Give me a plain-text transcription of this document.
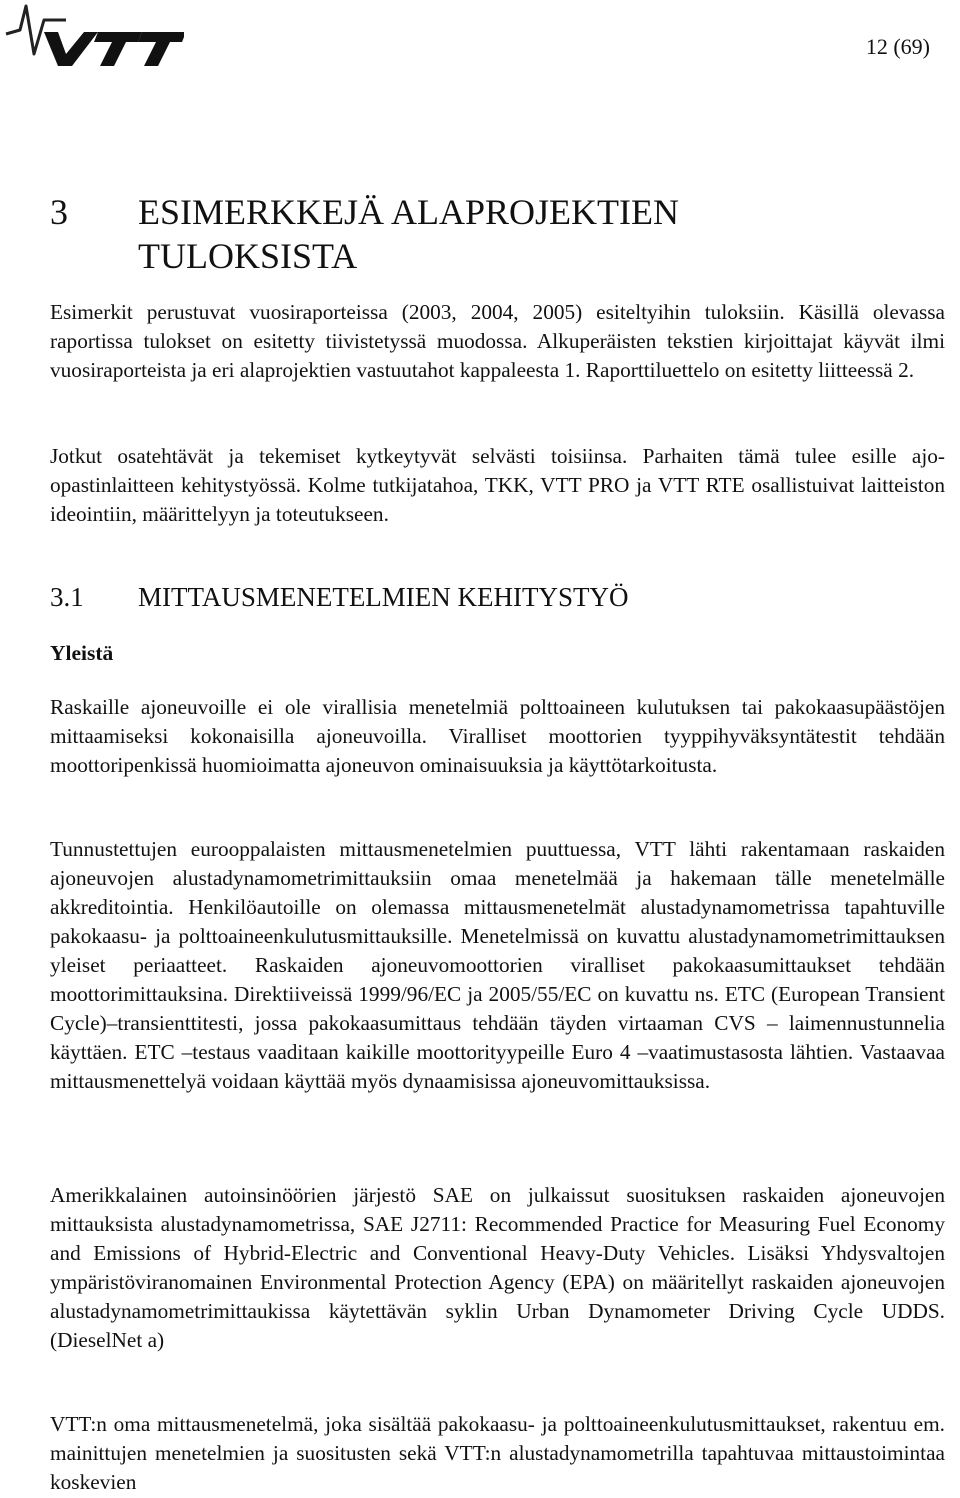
12 (69)
3 ESIMERKKEJÄ ALAPROJEKTIEN TULOKSISTA

Esimerkit perustuvat vuosiraporteissa (2003, 2004, 2005) esiteltyihin tuloksiin. Käsillä olevassa raportissa tulokset on esitetty tiivistetyssä muodossa. Alkuperäisten tekstien kirjoittajat käyvät ilmi vuosiraporteista ja eri alaprojektien vastuutahot kappaleesta 1. Raporttiluettelo on esitetty liitteessä 2.

Jotkut osatehtävät ja tekemiset kytkeytyvät selvästi toisiinsa. Parhaiten tämä tulee esille ajo-opastinlaitteen kehitystyössä. Kolme tutkijatahoa, TKK, VTT PRO ja VTT RTE osallistuivat laitteiston ideointiin, määrittelyyn ja toteutukseen.

3.1 MITTAUSMENETELMIEN KEHITYSTYÖ
Yleistä

Raskaille ajoneuvoille ei ole virallisia menetelmiä polttoaineen kulutuksen tai pakokaasupäästöjen mittaamiseksi kokonaisilla ajoneuvoilla. Viralliset moottorien tyyppihyväksyntätestit tehdään moottoripenkissä huomioimatta ajoneuvon ominaisuuksia ja käyttötarkoitusta.

Tunnustettujen eurooppalaisten mittausmenetelmien puuttuessa, VTT lähti rakentamaan raskaiden ajoneuvojen alustadynamometrimittauksiin omaa menetelmää ja hakemaan tälle menetelmälle akkreditointia. Henkilöautoille on olemassa mittausmenetelmät alustadynamometrissa tapahtuville pakokaasu- ja polttoaineenkulutusmittauksille. Menetelmissä on kuvattu alustadynamometrimittauksen yleiset periaatteet. Raskaiden ajoneuvomoottorien viralliset pakokaasumittaukset tehdään moottorimittauksina. Direktiiveissä 1999/96/EC ja 2005/55/EC on kuvattu ns. ETC (European Transient Cycle)–transienttitesti, jossa pakokaasumittaus tehdään täyden virtaaman CVS – laimennustunnelia käyttäen. ETC –testaus vaaditaan kaikille moottorityypeille Euro 4 –vaatimustasosta lähtien. Vastaavaa mittausmenettelyä voidaan käyttää myös dynaamisissa ajoneuvomittauksissa.

Amerikkalainen autoinsinöörien järjestö SAE on julkaissut suosituksen raskaiden ajoneuvojen mittauksista alustadynamometrissa, SAE J2711: Recommended Practice for Measuring Fuel Economy and Emissions of Hybrid-Electric and Conventional Heavy-Duty Vehicles. Lisäksi Yhdysvaltojen ympäristöviranomainen Environmental Protection Agency (EPA) on määritellyt raskaiden ajoneuvojen alustadynamometrimittaukissa käytettävän syklin Urban Dynamometer Driving Cycle UDDS. (DieselNet a)

VTT:n oma mittausmenetelmä, joka sisältää pakokaasu- ja polttoaineenkulutusmittaukset, rakentuu em. mainittujen menetelmien ja suositusten sekä VTT:n alustadynamometrilla tapahtuvaa mittaustoimintaa koskevien
